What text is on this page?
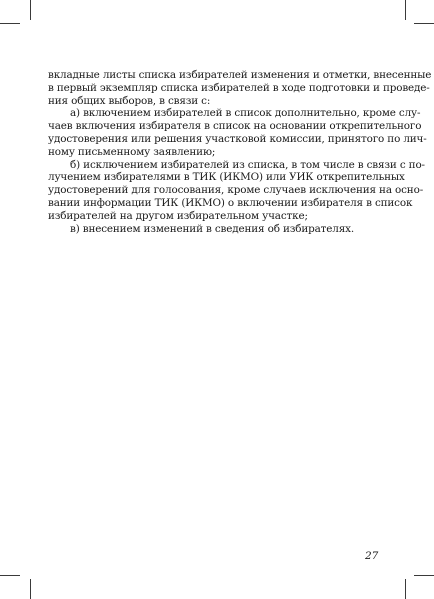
вкладные листы списка избирателей изменения и отметки, внесенные
в первый экземпляр списка избирателей в ходе подготовки и проведе-
ния общих выборов, в связи с:
а) включением избирателей в список дополнительно, кроме слу-
чаев включения избирателя в список на основании открепительного
удостоверения или решения участковой комиссии, принятого по лич-
ному письменному заявлению;
б) исключением избирателей из списка, в том числе в связи с по-
лучением избирателями в ТИК (ИКМО) или УИК открепительных
удостоверений для голосования, кроме случаев исключения на осно-
вании информации ТИК (ИКМО) о включении избирателя в список
избирателей на другом избирательном участке;
в) внесением изменений в сведения об избирателях.
27
